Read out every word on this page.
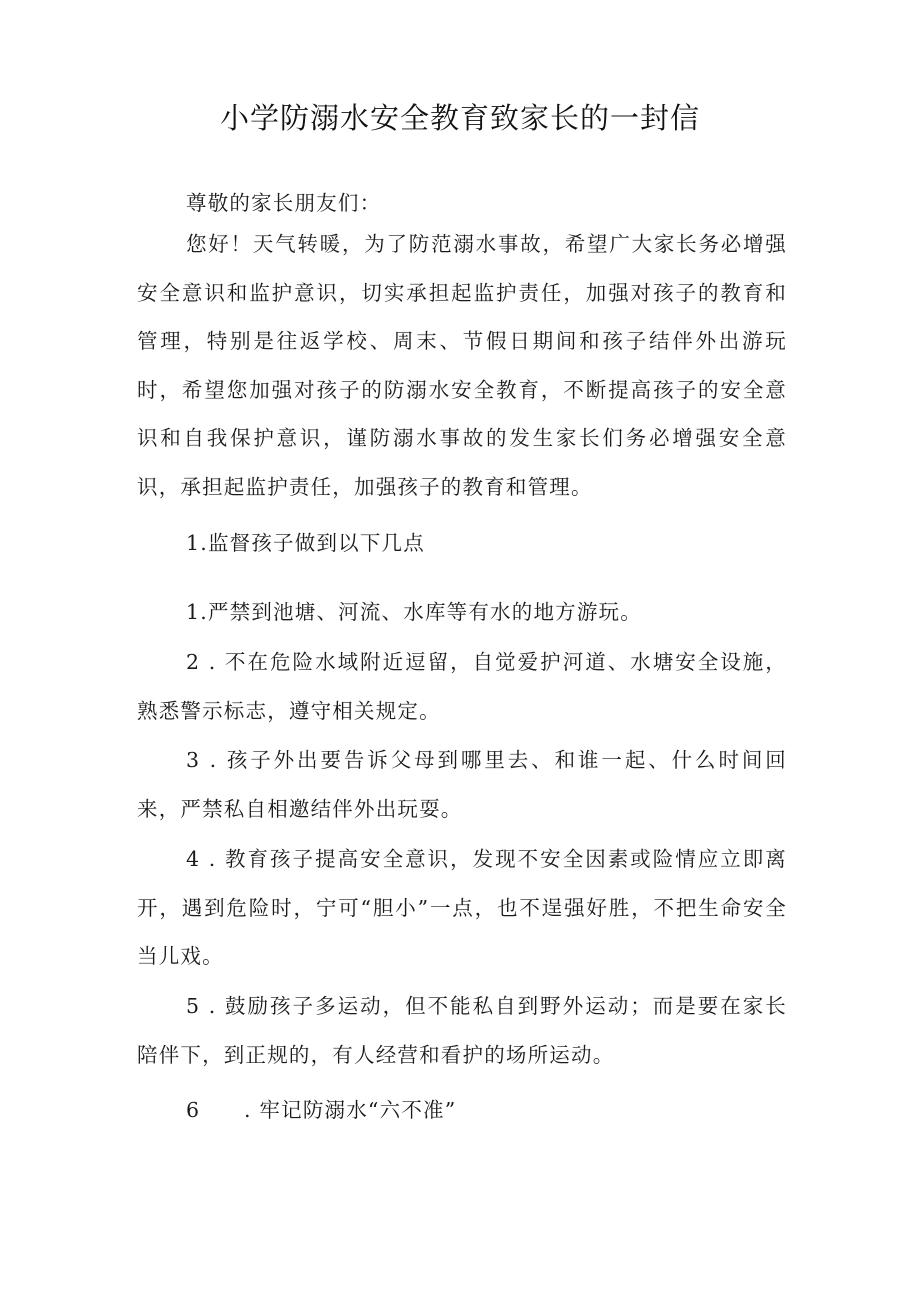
小学防溺水安全教育致家长的一封信

尊敬的家长朋友们：

您好！天气转暖，为了防范溺水事故，希望广大家长务必增强安全意识和监护意识，切实承担起监护责任，加强对孩子的教育和管理，特别是往返学校、周末、节假日期间和孩子结伴外出游玩时，希望您加强对孩子的防溺水安全教育，不断提高孩子的安全意识和自我保护意识，谨防溺水事故的发生家长们务必增强安全意识，承担起监护责任，加强孩子的教育和管理。

1.监督孩子做到以下几点

1.严禁到池塘、河流、水库等有水的地方游玩。

2 . 不在危险水域附近逗留，自觉爱护河道、水塘安全设施，熟悉警示标志，遵守相关规定。

3 . 孩子外出要告诉父母到哪里去、和谁一起、什么时间回来，严禁私自相邀结伴外出玩耍。

4 . 教育孩子提高安全意识，发现不安全因素或险情应立即离开，遇到危险时，宁可“胆小”一点，也不逞强好胜，不把生命安全当儿戏。

5 . 鼓励孩子多运动，但不能私自到野外运动；而是要在家长陪伴下，到正规的，有人经营和看护的场所运动。

6 . 牢记防溺水“六不准”
